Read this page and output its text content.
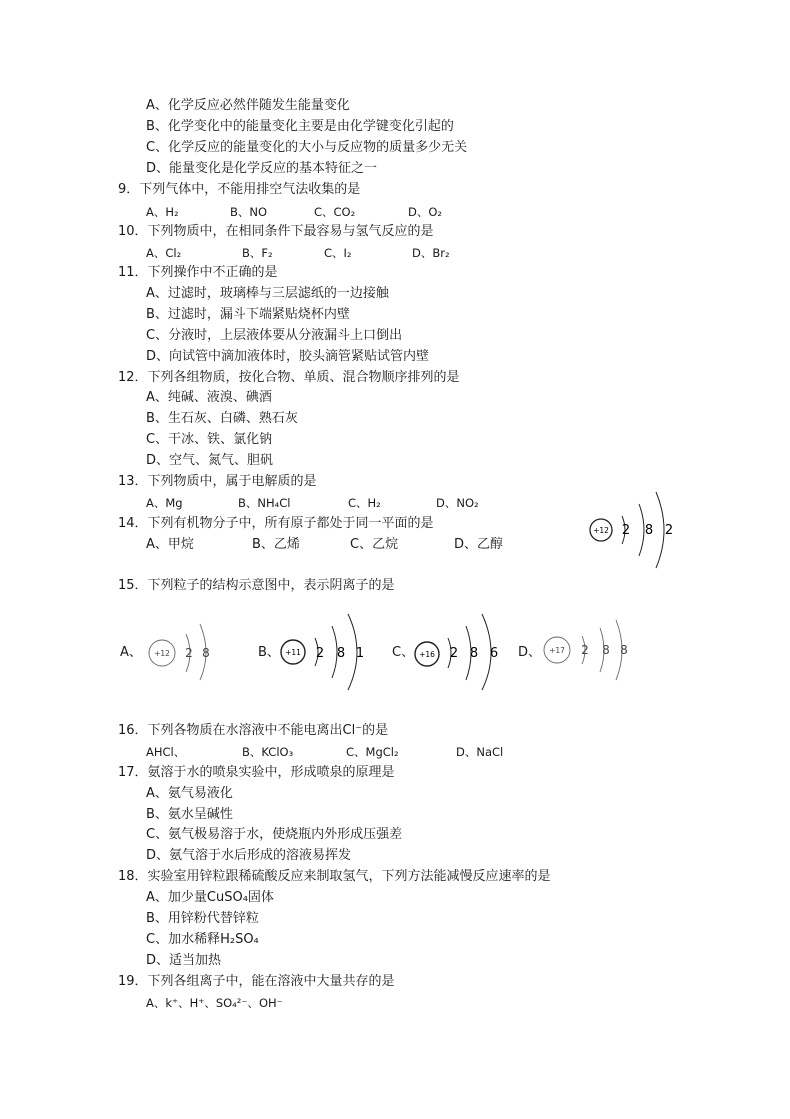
A、化学反应必然伴随发生能量变化
B、化学变化中的能量变化主要是由化学键变化引起的
C、化学反应的能量变化的大小与反应物的质量多少无关
D、能量变化是化学反应的基本特征之一
9．下列气体中，不能用排空气法收集的是
A、H₂	B、NO	C、CO₂	D、O₂
10．下列物质中，在相同条件下最容易与氢气反应的是
A、Cl₂	B、F₂	C、I₂	D、Br₂
11．下列操作中不正确的是
A、过滤时，玻璃棒与三层滤纸的一边接触
B、过滤时，漏斗下端紧贴烧杯内壁
C、分液时，上层液体要从分液漏斗上口倒出
D、向试管中滴加液体时，胶头滴管紧贴试管内壁
12．下列各组物质，按化合物、单质、混合物顺序排列的是
A、纯碱、液溴、碘酒
B、生石灰、白磷、熟石灰
C、干冰、铁、氯化钠
D、空气、氮气、胆矾
13．下列物质中，属于电解质的是
A、Mg	B、NH₄Cl	C、H₂	D、NO₂
14．下列有机物分子中，所有原子都处于同一平面的是
A、甲烷	B、乙烯	C、乙烷	D、乙醇
+12 2 8 2
15．下列粒子的结构示意图中，表示阴离子的是
A、 +12 2 8	B、 +11 2 8 1 C、 +16 2 8 6 D、 +17 2 8 8
16．下列各物质在水溶液中不能电离出Cl⁻的是
AHCl、	B、KClO₃	C、MgCl₂	D、NaCl
17．氨溶于水的喷泉实验中，形成喷泉的原理是
A、氨气易液化
B、氨水呈碱性
C、氨气极易溶于水，使烧瓶内外形成压强差
D、氨气溶于水后形成的溶液易挥发
18．实验室用锌粒跟稀硫酸反应来制取氢气，下列方法能减慢反应速率的是
A、加少量CuSO₄固体
B、用锌粉代替锌粒
C、加水稀释H₂SO₄
D、适当加热
19．下列各组离子中，能在溶液中大量共存的是
A、k⁺、H⁺、SO₄²⁻、OH⁻
